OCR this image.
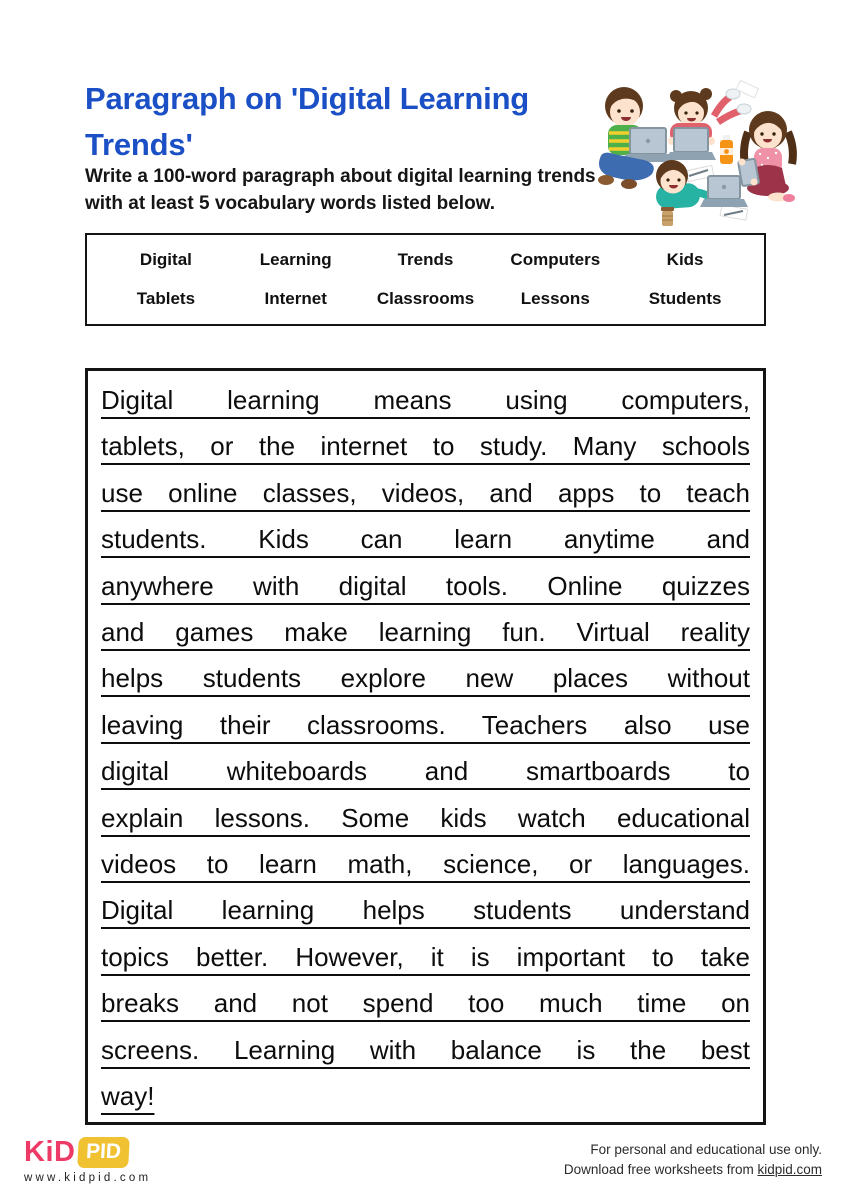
Paragraph on 'Digital Learning Trends'
Write a 100-word paragraph about digital learning trends with at least 5 vocabulary words listed below.
Digital	Learning	Trends	Computers	Kids
Tablets	Internet	Classrooms	Lessons	Students
Digital learning means using computers,
tablets, or the internet to study. Many schools
use online classes, videos, and apps to teach
students. Kids can learn anytime and
anywhere with digital tools. Online quizzes
and games make learning fun. Virtual reality
helps students explore new places without
leaving their classrooms. Teachers also use
digital whiteboards and smartboards to
explain lessons. Some kids watch educational
videos to learn math, science, or languages.
Digital learning helps students understand
topics better. However, it is important to take
breaks and not spend too much time on
screens. Learning with balance is the best
way!
KiD PID
www.kidpid.com
For personal and educational use only.
Download free worksheets from kidpid.com
